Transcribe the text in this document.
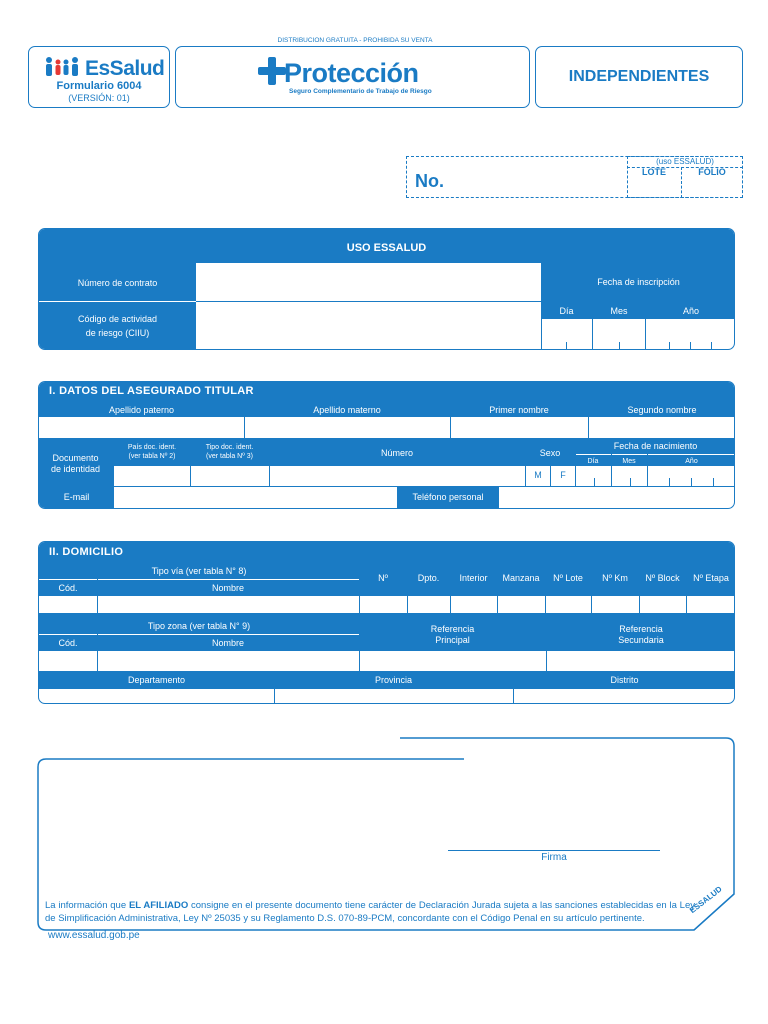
DISTRIBUCION GRATUITA - PROHIBIDA SU VENTA
EsSalud
Formulario 6004
(VERSIÓN: 01)
Protección
Seguro Complementario de Trabajo de Riesgo
INDEPENDIENTES
No.
(uso ESSALUD)
LOTE	FOLIO
USO ESSALUD
Número de contrato
Código de actividad
de riesgo (CIIU)
Fecha de inscripción
Día	Mes	Año
I. DATOS DEL ASEGURADO TITULAR
Apellido paterno	Apellido materno	Primer nombre	Segundo nombre
Documento
de identidad
País doc. ident.
(ver tabla Nº 2)
Tipo doc. ident.
(ver tabla Nº 3)	Número	Sexo
Fecha de nacimiento
Día	Mes	Año
M	F
E-mail	Teléfono personal
II. DOMICILIO
Tipo vía (ver tabla N° 8)
Cód.	Nombre
Nº	Dpto.	Interior	Manzana	Nº Lote	Nº Km	Nº Block	Nº Etapa
Tipo zona (ver tabla N° 9)
Cód.	Nombre
Referencia
Principal
Referencia
Secundaria
Departamento	Provincia	Distrito
Firma
La información que EL AFILIADO consigne en el presente documento tiene carácter de Declaración Jurada sujeta a las sanciones establecidas en la Ley de Simplificación Administrativa, Ley Nº 25035 y su Reglamento D.S. 070-89-PCM, concordante con el Código Penal en su artículo pertinente.
ESSALUD
www.essalud.gob.pe
